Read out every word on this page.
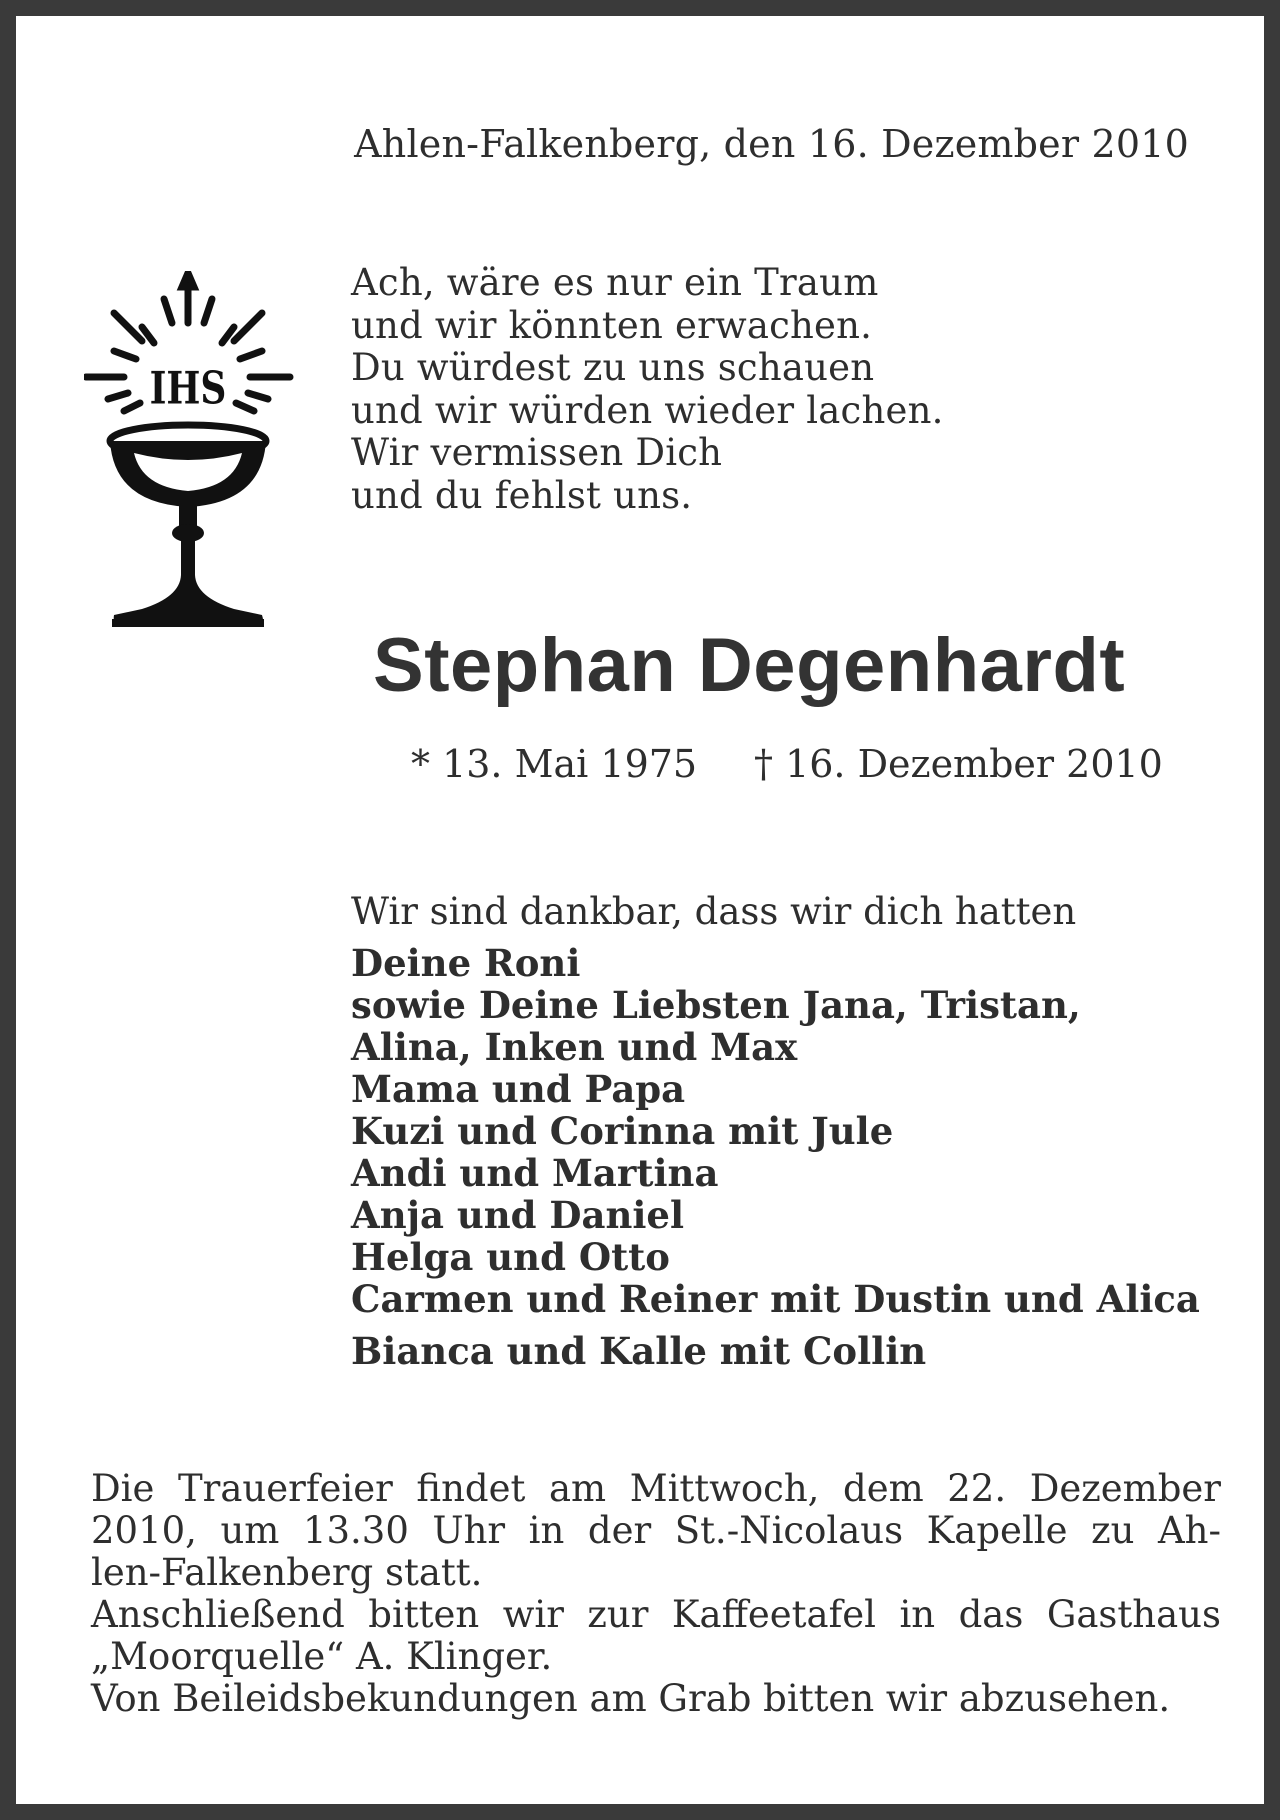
Ahlen-Falkenberg, den 16. Dezember 2010
IHS
Ach, wäre es nur ein Traum
und wir könnten erwachen.
Du würdest zu uns schauen
und wir würden wieder lachen.
Wir vermissen Dich
und du fehlst uns.
Stephan Degenhardt
* 13. Mai 1975 † 16. Dezember 2010
Wir sind dankbar, dass wir dich hatten
Deine Roni
sowie Deine Liebsten Jana, Tristan,
Alina, Inken und Max
Mama und Papa
Kuzi und Corinna mit Jule
Andi und Martina
Anja und Daniel
Helga und Otto
Carmen und Reiner mit Dustin und Alica
Bianca und Kalle mit Collin
Die Trauerfeier findet am Mittwoch, dem 22. Dezember
2010, um 13.30 Uhr in der St.-Nicolaus Kapelle zu Ah-
len-Falkenberg statt.
Anschließend bitten wir zur Kaffeetafel in das Gasthaus
„Moorquelle“ A. Klinger.
Von Beileidsbekundungen am Grab bitten wir abzusehen.
